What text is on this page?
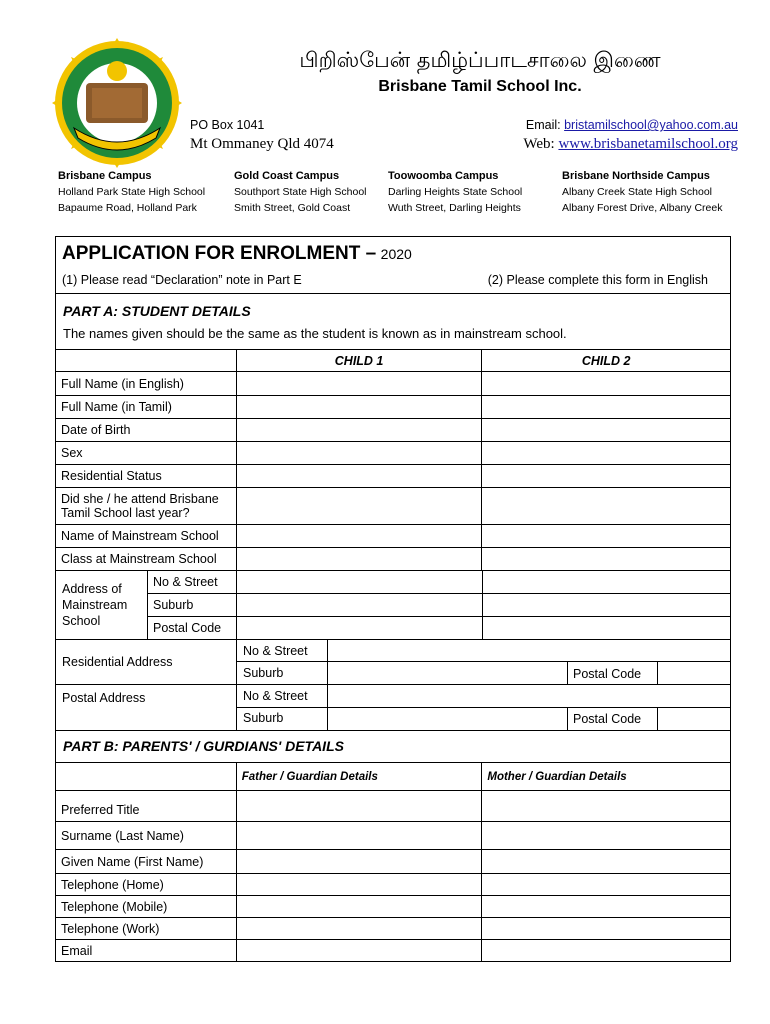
பிறிஸ்பேன் தமிழ்ப்பாடசாலை இணை
Brisbane Tamil School Inc.
PO Box 1041
Mt Ommaney Qld 4074
Email: bristamilschool@yahoo.com.au
Web: www.brisbanetamilschool.org
Brisbane Campus
Holland Park State High School
Bapaume Road, Holland Park
Gold Coast Campus
Southport State High School
Smith Street, Gold Coast
Toowoomba Campus
Darling Heights State School
Wuth Street, Darling Heights
Brisbane Northside Campus
Albany Creek State High School
Albany Forest Drive, Albany Creek
APPLICATION FOR ENROLMENT – 2020
(1) Please read “Declaration” note in Part E	(2) Please complete this form in English
PART A: STUDENT DETAILS
The names given should be the same as the student is known as in mainstream school.
	CHILD 1	CHILD 2
Full Name (in English)		
Full Name (in Tamil)		
Date of Birth		
Sex		
Residential Status		
Did she / he attend Brisbane Tamil School last year?		
Name of Mainstream School		
Class at Mainstream School		
Address of Mainstream School
No & Street
Suburb
Postal Code
Residential Address
No & Street
Suburb	Postal Code
Postal Address	No & Street
Suburb	Postal Code
PART B: PARENTS' / GURDIANS' DETAILS
	Father / Guardian Details	Mother / Guardian Details
Preferred Title		
Surname (Last Name)		
Given Name (First Name)		
Telephone (Home)		
Telephone (Mobile)		
Telephone (Work)		
Email		
